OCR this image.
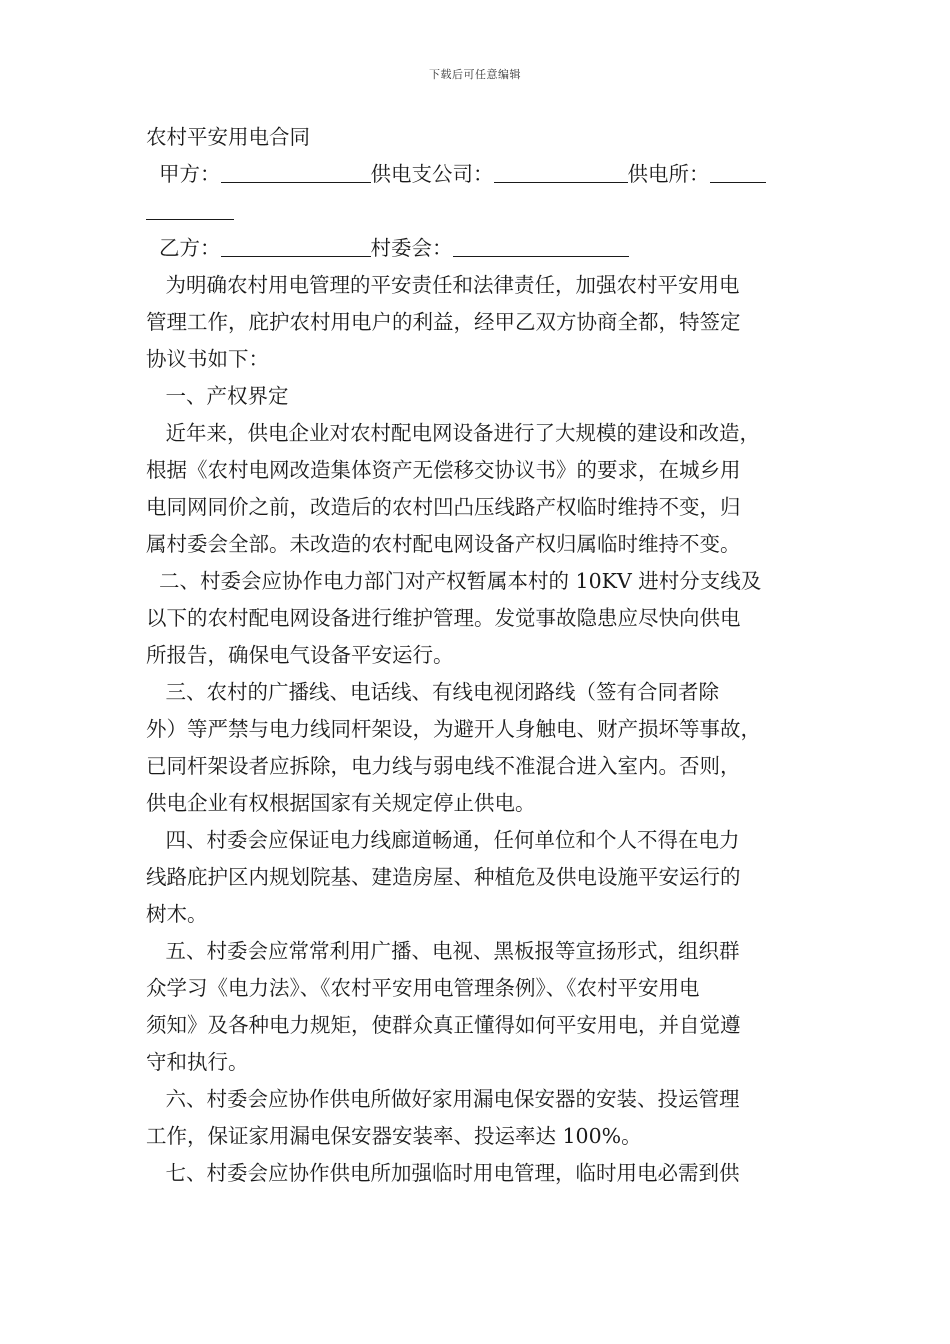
下载后可任意编辑
农村平安用电合同
甲方：	供电支公司：	供电所：
乙方：	村委会：
为明确农村用电管理的平安责任和法律责任，加强农村平安用电
管理工作，庇护农村用电户的利益，经甲乙双方协商全都，特签定
协议书如下：
一、产权界定
近年来，供电企业对农村配电网设备进行了大规模的建设和改造，
根据《农村电网改造集体资产无偿移交协议书》的要求，在城乡用
电同网同价之前，改造后的农村凹凸压线路产权临时维持不变，归
属村委会全部。未改造的农村配电网设备产权归属临时维持不变。
二、村委会应协作电力部门对产权暂属本村的 10KV 进村分支线及
以下的农村配电网设备进行维护管理。发觉事故隐患应尽快向供电
所报告，确保电气设备平安运行。
三、农村的广播线、电话线、有线电视闭路线（签有合同者除
外）等严禁与电力线同杆架设，为避开人身触电、财产损坏等事故，
已同杆架设者应拆除，电力线与弱电线不准混合进入室内。否则，
供电企业有权根据国家有关规定停止供电。
四、村委会应保证电力线廊道畅通，任何单位和个人不得在电力
线路庇护区内规划院基、建造房屋、种植危及供电设施平安运行的
树木。
五、村委会应常常利用广播、电视、黑板报等宣扬形式，组织群
众学习《电力法》、《农村平安用电管理条例》、《农村平安用电
须知》及各种电力规矩，使群众真正懂得如何平安用电，并自觉遵
守和执行。
六、村委会应协作供电所做好家用漏电保安器的安装、投运管理
工作，保证家用漏电保安器安装率、投运率达 100%。
七、村委会应协作供电所加强临时用电管理，临时用电必需到供
